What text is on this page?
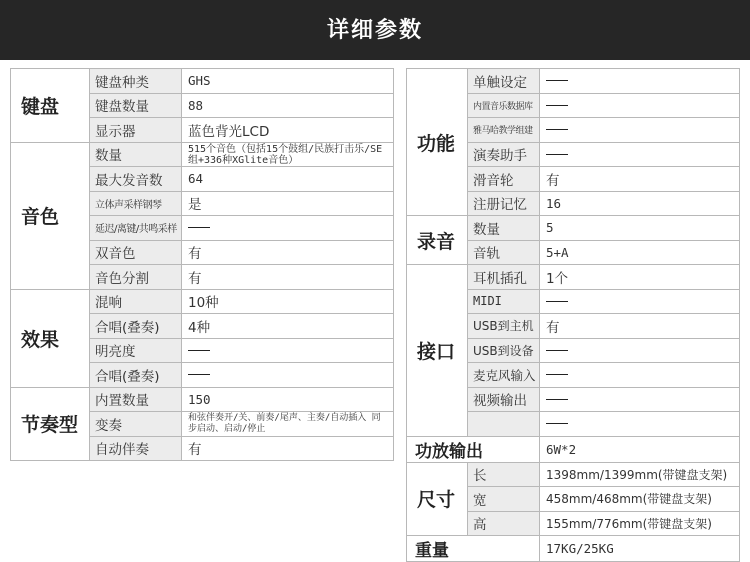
详细参数
键盘	键盘种类	GHS
	键盘数量	88
	显示器	蓝色背光LCD
音色	数量	515个音色（包括15个鼓组/民族打击乐/SE组+336种XGlite音色）
	最大发音数	64
	立体声采样钢琴	是
	延迟/离键/共鸣采样	
	双音色	有
	音色分割	有
效果	混响	10种
	合唱(叠奏)	4种
	明亮度	
	合唱(叠奏)	
节奏型	内置数量	150
	变奏	和弦伴奏开/关、前奏/尾声、主奏/自动插入 同步启动、启动/停止
	自动伴奏	有
功能	单触设定	
	内置音乐数据库	
	雅马哈教学组建	
	演奏助手	
	滑音轮	有
	注册记忆	16
录音	数量	5
	音轨	5+A
接口	耳机插孔	1个
	MIDI	
	USB到主机	有
	USB到设备	
	麦克风输入	
	视频输出	

功放输出		6W*2
尺寸	长	1398mm/1399mm(带键盘支架)
	宽	458mm/468mm(带键盘支架)
	高	155mm/776mm(带键盘支架)
重量		17KG/25KG
